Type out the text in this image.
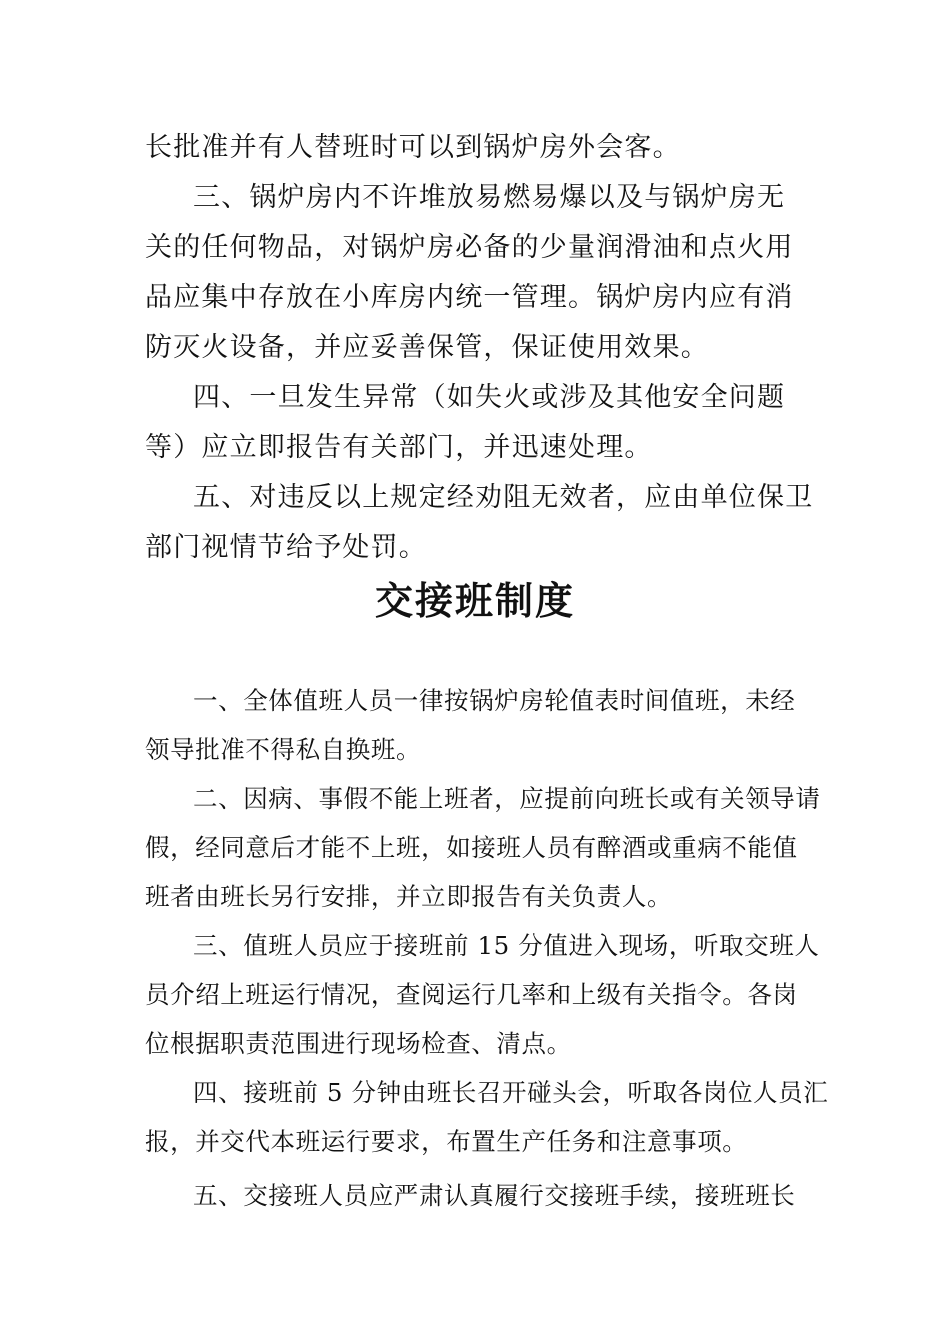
长批准并有人替班时可以到锅炉房外会客。

三、锅炉房内不许堆放易燃易爆以及与锅炉房无

关的任何物品，对锅炉房必备的少量润滑油和点火用

品应集中存放在小库房内统一管理。锅炉房内应有消

防灭火设备，并应妥善保管，保证使用效果。

四、一旦发生异常（如失火或涉及其他安全问题

等）应立即报告有关部门，并迅速处理。

五、对违反以上规定经劝阻无效者，应由单位保卫

部门视情节给予处罚。

交接班制度

一、全体值班人员一律按锅炉房轮值表时间值班，未经

领导批准不得私自换班。

二、因病、事假不能上班者，应提前向班长或有关领导请

假，经同意后才能不上班，如接班人员有醉酒或重病不能值

班者由班长另行安排，并立即报告有关负责人。

三、值班人员应于接班前 15 分值进入现场，听取交班人

员介绍上班运行情况，查阅运行几率和上级有关指令。各岗

位根据职责范围进行现场检查、清点。

四、接班前 5 分钟由班长召开碰头会，听取各岗位人员汇

报，并交代本班运行要求，布置生产任务和注意事项。

五、交接班人员应严肃认真履行交接班手续，接班班长
